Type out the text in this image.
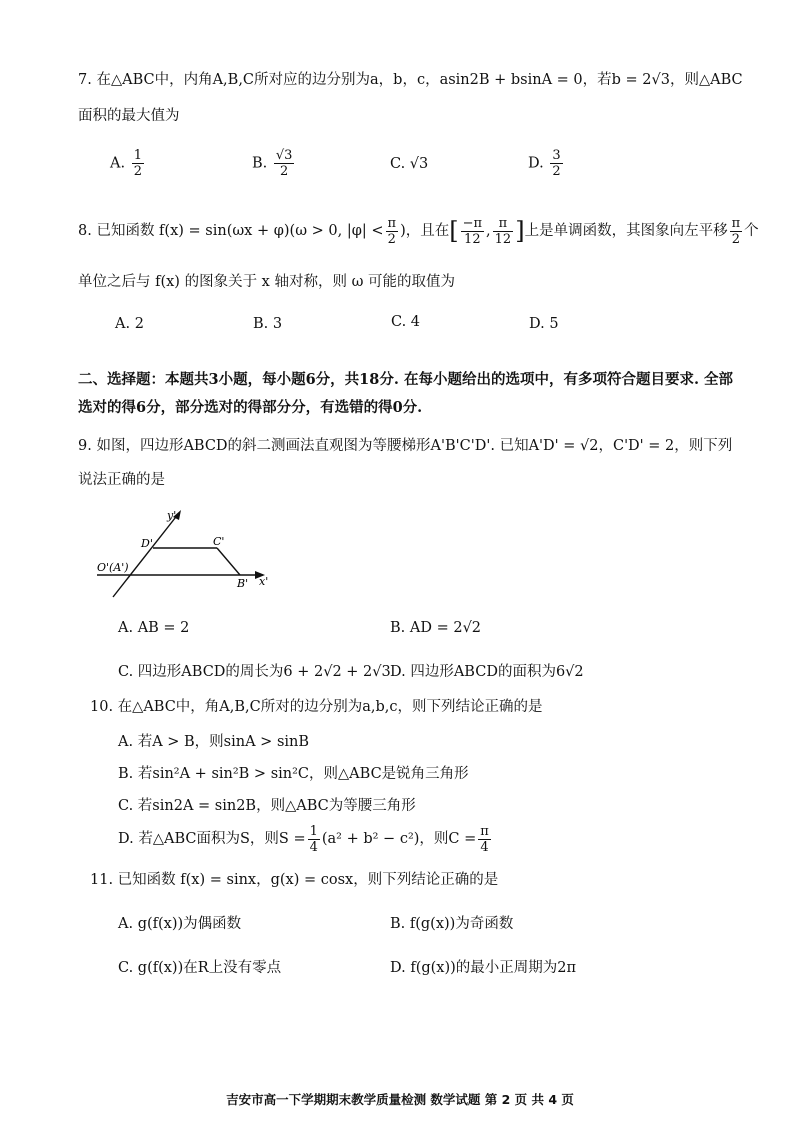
7. 在△ABC中，内角A,B,C所对应的边分别为a，b，c，asin2B + bsinA = 0，若b = 2√3，则△ABC
面积的最大值为
A. $\frac{1}{2}$	B. $\frac{√3}{2}$	C. √3	D. $\frac{3}{2}$
8. 已知函数 f(x) = sin(ωx + φ)(ω > 0, $|\varphi| < \frac{\pi}{2}$ )，且在[ $\frac{-\pi}{12}$ , $\frac{\pi}{12}$ ]上是单调函数，其图象向左平移 $\frac{\pi}{2}$ 个
单位之后与 f(x) 的图象关于 x 轴对称，则 ω 可能的取值为
A. 2	B. 3	C. 4	D. 5
二、选择题：本题共3小题，每小题6分，共18分. 在每小题给出的选项中，有多项符合题目要求. 全部
选对的得6分，部分选对的得部分分，有选错的得0分.
9. 如图，四边形ABCD的斜二测画法直观图为等腰梯形A'B'C'D'. 已知A'D' = √2，C'D' = 2，则下列
说法正确的是
y'
D'	C'
O'(A')
B' x'
A. AB = 2	B. AD = 2√2
C. 四边形ABCD的周长为6 + 2√2 + 2√3 D. 四边形ABCD的面积为6√2
10. 在△ABC中，角A,B,C所对的边分别为a,b,c，则下列结论正确的是
A. 若A > B，则sinA > sinB
B. 若sin²A + sin²B > sin²C，则△ABC是锐角三角形
C. 若sin2A = sin2B，则△ABC为等腰三角形
D. 若△ABC面积为S，则$S = \frac{1}{4} (a^2 + b^2 - c^2)$，则$C = \frac{\pi}{4}$
11. 已知函数 f(x) = sinx，g(x) = cosx，则下列结论正确的是
A. g(f(x))为偶函数	B. f(g(x))为奇函数
C. g(f(x))在R上没有零点	D. f(g(x))的最小正周期为2π
吉安市高一下学期期末教学质量检测 数学试题 第 2 页 共 4 页
